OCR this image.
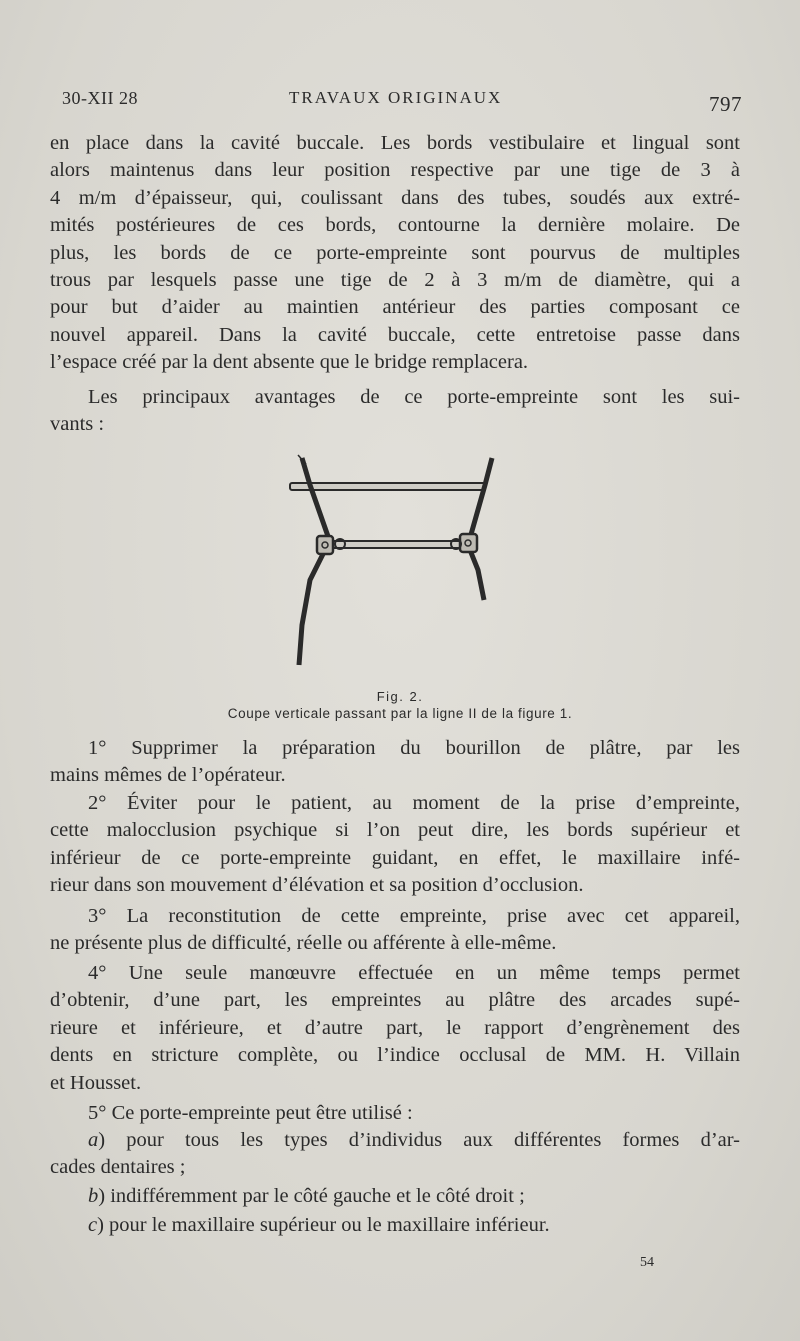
30-XII 28	TRAVAUX ORIGINAUX	797
en place dans la cavité buccale. Les bords vestibulaire et lingual sont
alors maintenus dans leur position respective par une tige de 3 à
4 m/m d’épaisseur, qui, coulissant dans des tubes, soudés aux extré-
mités postérieures de ces bords, contourne la dernière molaire. De
plus, les bords de ce porte-empreinte sont pourvus de multiples
trous par lesquels passe une tige de 2 à 3 m/m de diamètre, qui a
pour but d’aider au maintien antérieur des parties composant ce
nouvel appareil. Dans la cavité buccale, cette entretoise passe dans
l’espace créé par la dent absente que le bridge remplacera.
Les principaux avantages de ce porte-empreinte sont les sui-
vants :
Fig. 2.
Coupe verticale passant par la ligne II de la figure 1.
1° Supprimer la préparation du bourillon de plâtre, par les
mains mêmes de l’opérateur.
2° Éviter pour le patient, au moment de la prise d’empreinte,
cette malocclusion psychique si l’on peut dire, les bords supérieur et
inférieur de ce porte-empreinte guidant, en effet, le maxillaire infé-
rieur dans son mouvement d’élévation et sa position d’occlusion.
3° La reconstitution de cette empreinte, prise avec cet appareil,
ne présente plus de difficulté, réelle ou afférente à elle-même.
4° Une seule manœuvre effectuée en un même temps permet
d’obtenir, d’une part, les empreintes au plâtre des arcades supé-
rieure et inférieure, et d’autre part, le rapport d’engrènement des
dents en stricture complète, ou l’indice occlusal de MM. H. Villain
et Housset.
5° Ce porte-empreinte peut être utilisé :
a) pour tous les types d’individus aux différentes formes d’ar-
cades dentaires ;
b) indifféremment par le côté gauche et le côté droit ;
c) pour le maxillaire supérieur ou le maxillaire inférieur.
54
